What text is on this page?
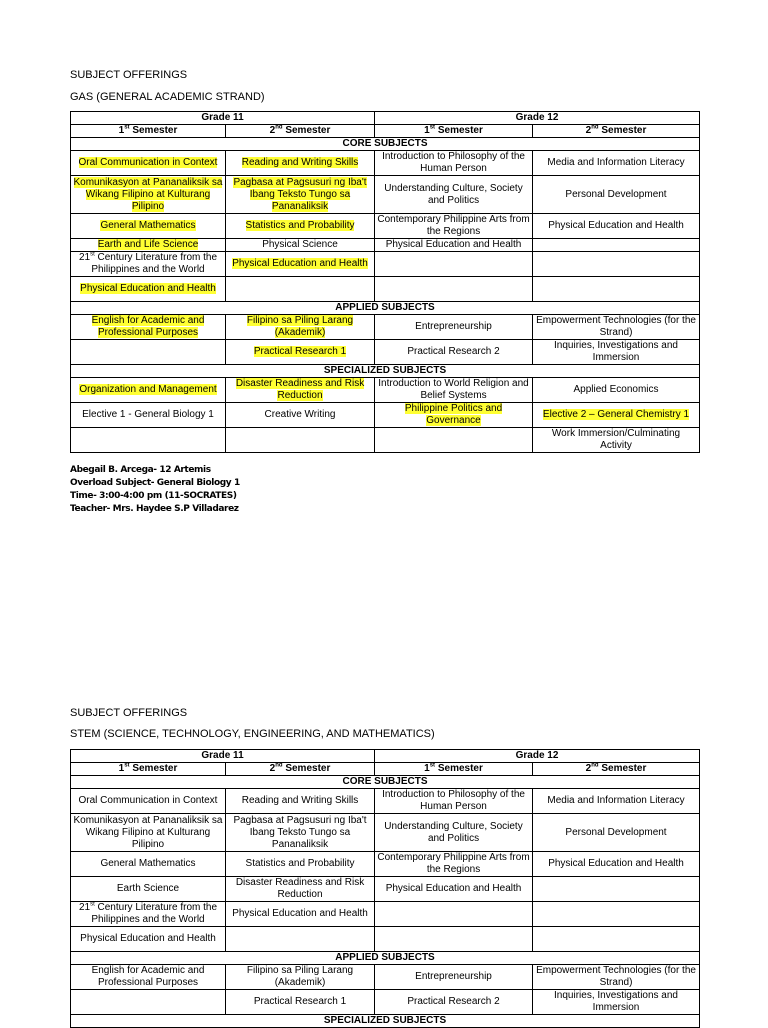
SUBJECT OFFERINGS
GAS (GENERAL ACADEMIC STRAND)
Grade 11		Grade 12	
1st Semester	2nd Semester	1st Semester	2nd Semester
CORE SUBJECTS			
Oral Communication in Context	Reading and Writing Skills	Introduction to Philosophy of the Human Person	Media and Information Literacy
Komunikasyon at Pananaliksik sa Wikang Filipino at Kulturang Pilipino	Pagbasa at Pagsusuri ng Iba't Ibang Teksto Tungo sa Pananaliksik	Understanding Culture, Society and Politics	Personal Development
General Mathematics	Statistics and Probability	Contemporary Philippine Arts from the Regions	Physical Education and Health
Earth and Life Science	Physical Science	Physical Education and Health	
21st Century Literature from the Philippines and the World	Physical Education and Health		
Physical Education and Health			
APPLIED SUBJECTS			
English for Academic and Professional Purposes	Filipino sa Piling Larang (Akademik)	Entrepreneurship	Empowerment Technologies (for the Strand)
	Practical Research 1	Practical Research 2	Inquiries, Investigations and Immersion
SPECIALIZED SUBJECTS			
Organization and Management	Disaster Readiness and Risk Reduction	Introduction to World Religion and Belief Systems	Applied Economics
Elective 1 - General Biology 1	Creative Writing	Philippine Politics and Governance	Elective 2 – General Chemistry 1
			Work Immersion/Culminating Activity
Abegail B. Arcega- 12 Artemis
Overload Subject- General Biology 1
Time- 3:00-4:00 pm (11-SOCRATES)
Teacher- Mrs. Haydee S.P Villadarez
SUBJECT OFFERINGS
STEM (SCIENCE, TECHNOLOGY, ENGINEERING, AND MATHEMATICS)
Grade 11		Grade 12	
1st Semester	2nd Semester	1st Semester	2nd Semester
CORE SUBJECTS			
Oral Communication in Context	Reading and Writing Skills	Introduction to Philosophy of the Human Person	Media and Information Literacy
Komunikasyon at Pananaliksik sa Wikang Filipino at Kulturang Pilipino	Pagbasa at Pagsusuri ng Iba't Ibang Teksto Tungo sa Pananaliksik	Understanding Culture, Society and Politics	Personal Development
General Mathematics	Statistics and Probability	Contemporary Philippine Arts from the Regions	Physical Education and Health
Earth Science	Disaster Readiness and Risk Reduction	Physical Education and Health	
21st Century Literature from the Philippines and the World	Physical Education and Health		
Physical Education and Health			
APPLIED SUBJECTS			
English for Academic and Professional Purposes	Filipino sa Piling Larang (Akademik)	Entrepreneurship	Empowerment Technologies (for the Strand)
	Practical Research 1	Practical Research 2	Inquiries, Investigations and Immersion
SPECIALIZED SUBJECTS			
